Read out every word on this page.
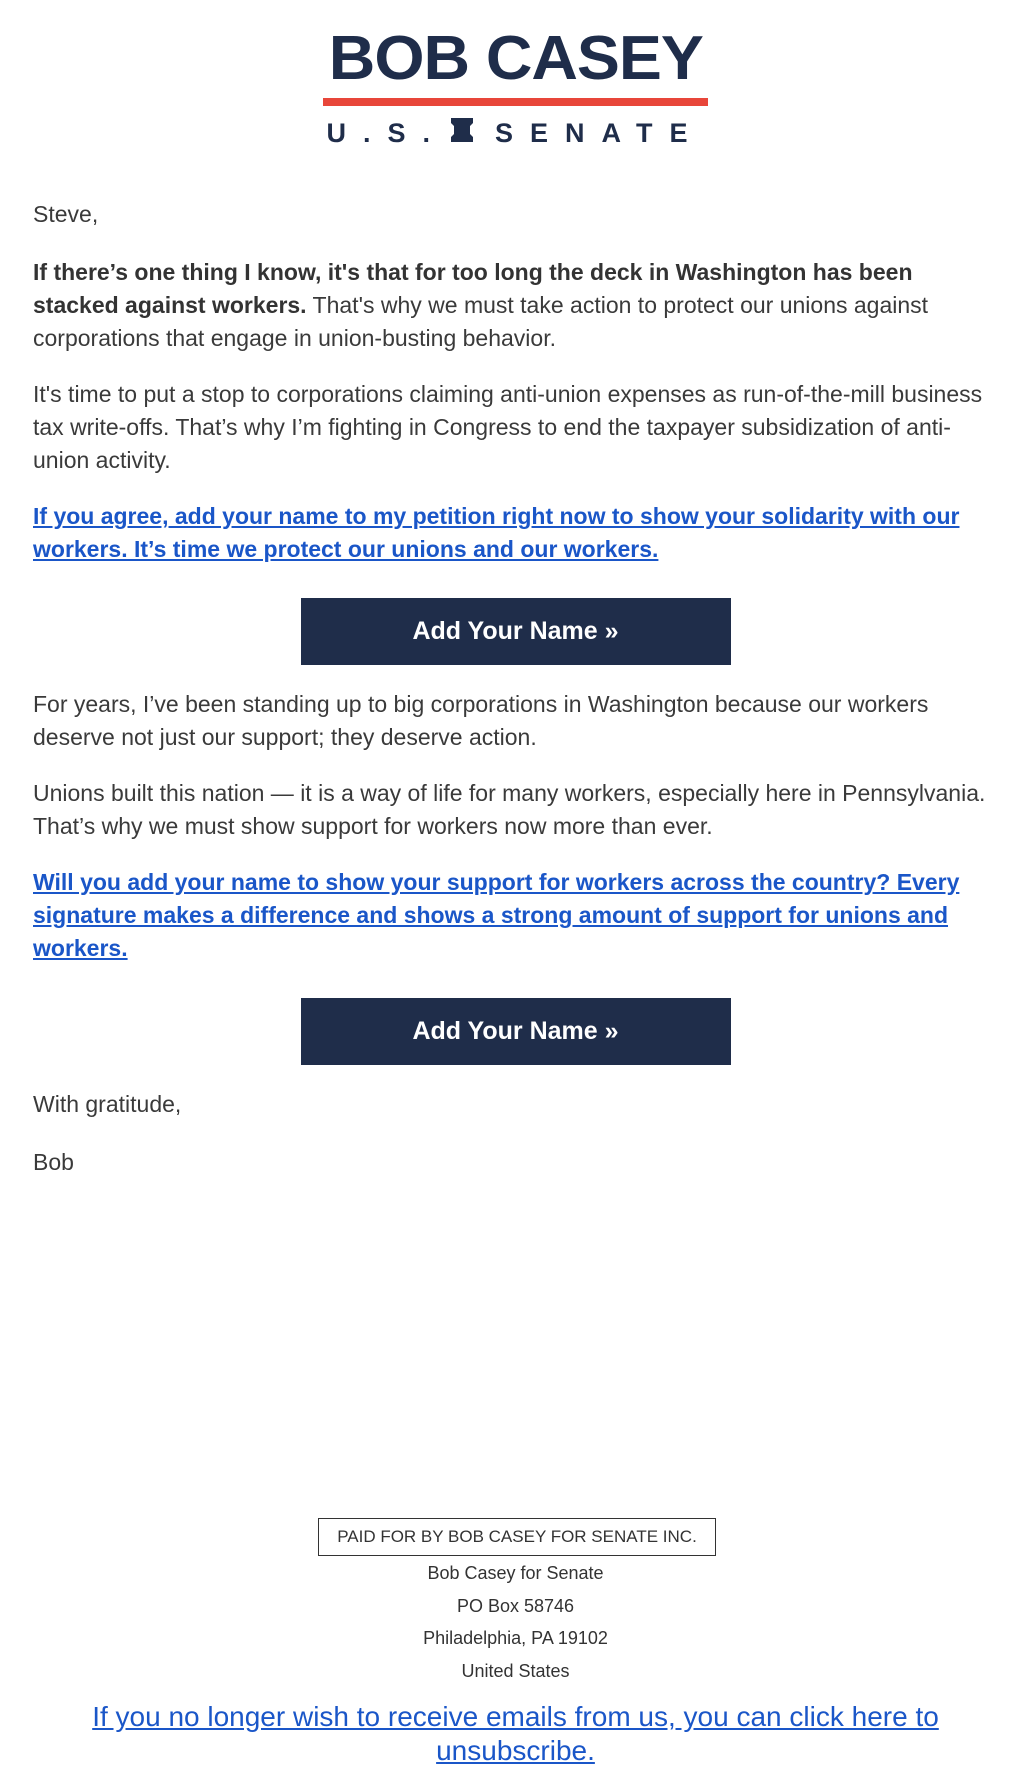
BOB CASEY
U.S. SENATE

Steve,

If there’s one thing I know, it's that for too long the deck in Washington has been stacked against workers. That's why we must take action to protect our unions against corporations that engage in union-busting behavior.

It's time to put a stop to corporations claiming anti-union expenses as run-of-the-mill business tax write-offs. That’s why I’m fighting in Congress to end the taxpayer subsidization of anti-union activity.

If you agree, add your name to my petition right now to show your solidarity with our workers. It’s time we protect our unions and our workers.

Add Your Name »

For years, I’ve been standing up to big corporations in Washington because our workers deserve not just our support; they deserve action.

Unions built this nation — it is a way of life for many workers, especially here in Pennsylvania. That’s why we must show support for workers now more than ever.

Will you add your name to show your support for workers across the country? Every signature makes a difference and shows a strong amount of support for unions and workers.

Add Your Name »

With gratitude,

Bob

PAID FOR BY BOB CASEY FOR SENATE INC.
Bob Casey for Senate
PO Box 58746
Philadelphia, PA 19102
United States
If you no longer wish to receive emails from us, you can click here to unsubscribe.
